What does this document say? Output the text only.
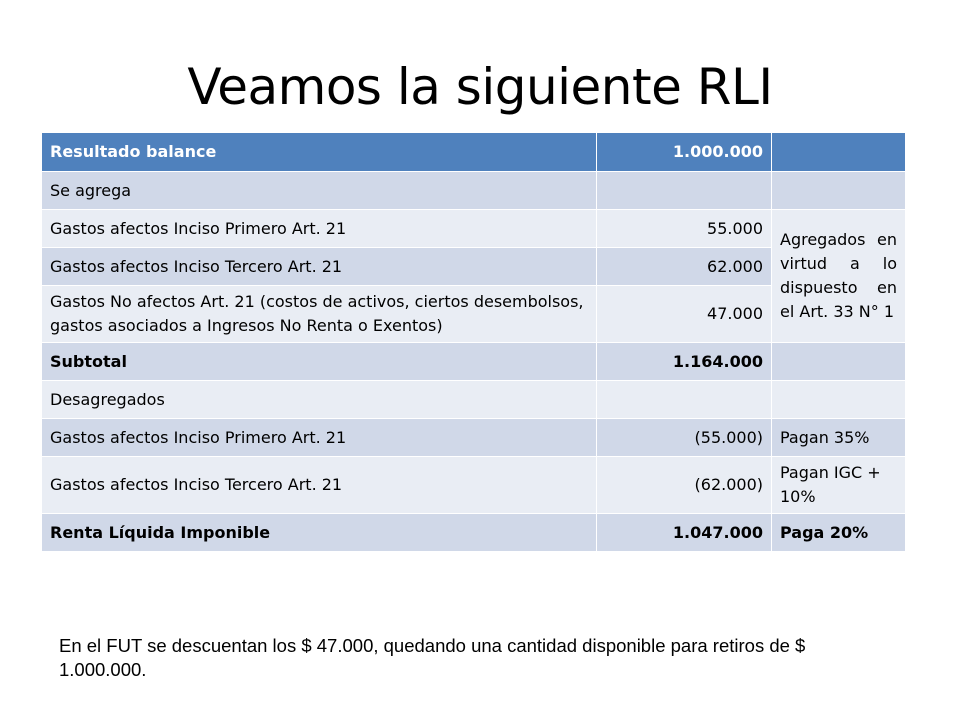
Veamos la siguiente RLI
Resultado balance	1.000.000	
Se agrega		
Gastos afectos Inciso Primero Art. 21	55.000	Agregados en virtud a lo dispuesto en el Art. 33 N° 1
Gastos afectos Inciso Tercero Art. 21	62.000	
Gastos No afectos Art. 21 (costos de activos, ciertos desembolsos, gastos asociados a Ingresos No Renta o Exentos)	47.000	
Subtotal	1.164.000	
Desagregados		
Gastos afectos Inciso Primero Art. 21	(55.000)	Pagan 35%
Gastos afectos Inciso Tercero Art. 21	(62.000)	Pagan IGC + 10%
Renta Líquida Imponible	1.047.000	Paga 20%
En el FUT se descuentan los $ 47.000, quedando una cantidad disponible para retiros de $ 1.000.000.
